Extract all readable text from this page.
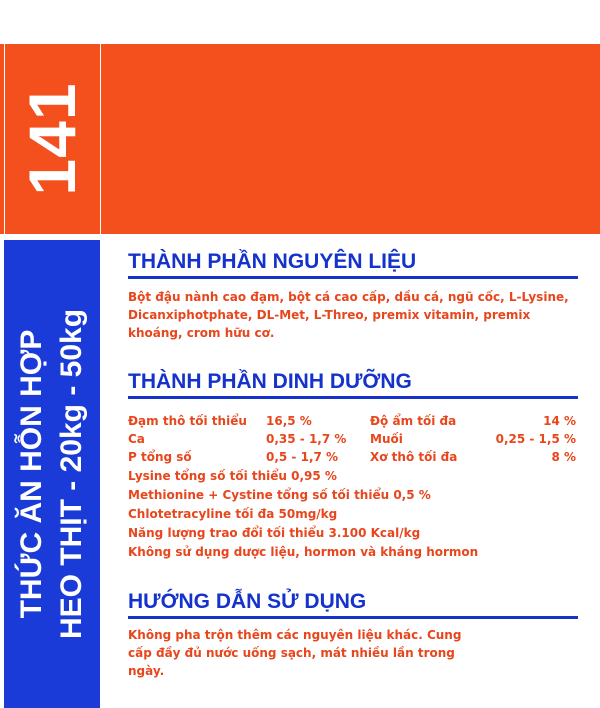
141
THỨC ĂN HỖN HỢP HEO THỊT - 20kg - 50kg
THÀNH PHẦN NGUYÊN LIỆU
Bột đậu nành cao đạm, bột cá cao cấp, dầu cá, ngũ cốc, L-Lysine, Dicanxiphotphate, DL-Met, L-Threo, premix vitamin, premix khoáng, crom hữu cơ.
THÀNH PHẦN DINH DƯỠNG
Đạm thô tối thiểu 16,5 %	Độ ẩm tối đa	14 %
Ca	0,35 - 1,7 % Muối	0,25 - 1,5 %
P tổng số	0,5 - 1,7 %	Xơ thô tối đa	8 %
Lysine tổng số tối thiểu 0,95 %
Methionine + Cystine tổng số tối thiểu 0,5 %
Chlotetracyline tối đa 50mg/kg
Năng lượng trao đổi tối thiểu 3.100 Kcal/kg
Không sử dụng dược liệu, hormon và kháng hormon
HƯỚNG DẪN SỬ DỤNG
Không pha trộn thêm các nguyên liệu khác. Cung cấp đầy đủ nước uống sạch, mát nhiều lần trong ngày.
